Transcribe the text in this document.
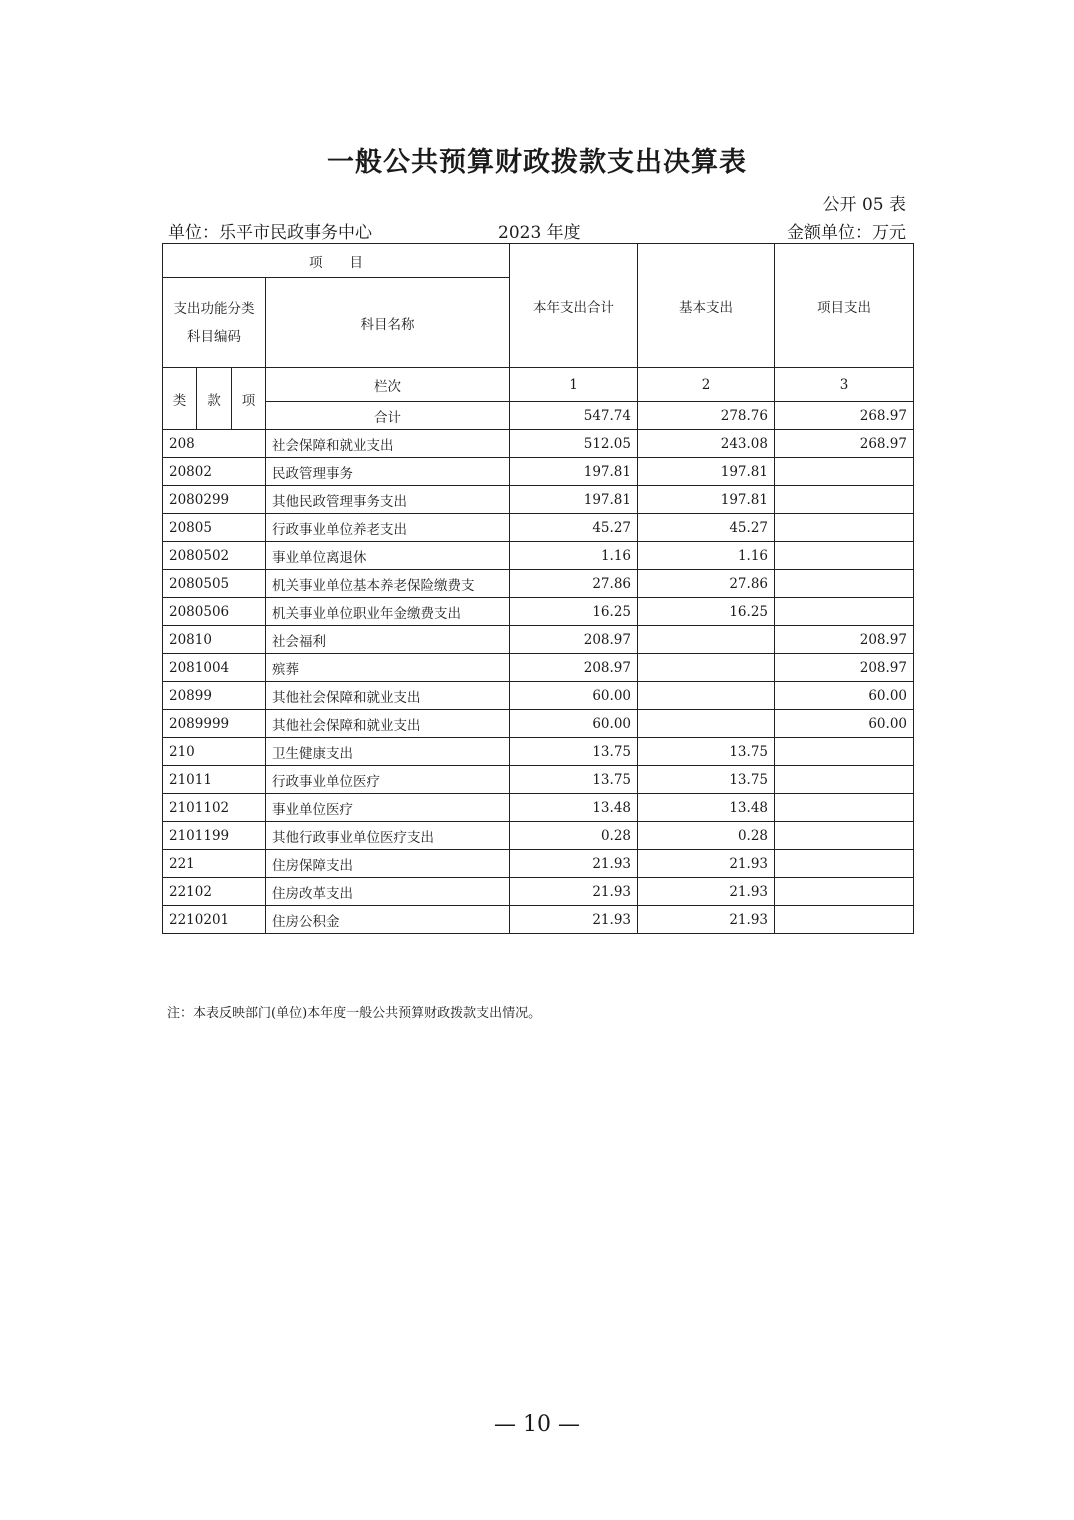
一般公共预算财政拨款支出决算表
公开 05 表
单位：乐平市民政事务中心	2023 年度	金额单位：万元
项　　目				本年支出合计	基本支出	项目支出

支出功能分类
科目编码			科目名称			
类	款	项	栏次	1	2	3
			合计	547.74	278.76	268.97
208			社会保障和就业支出	512.05	243.08	268.97
20802			民政管理事务	197.81	197.81	
2080299			其他民政管理事务支出	197.81	197.81	
20805			行政事业单位养老支出	45.27	45.27	
2080502			事业单位离退休	1.16	1.16	
2080505			机关事业单位基本养老保险缴费支	27.86	27.86	
2080506			机关事业单位职业年金缴费支出	16.25	16.25	
20810			社会福利	208.97		208.97
2081004			殡葬	208.97		208.97
20899			其他社会保障和就业支出	60.00		60.00
2089999			其他社会保障和就业支出	60.00		60.00
210			卫生健康支出	13.75	13.75	
21011			行政事业单位医疗	13.75	13.75	
2101102			事业单位医疗	13.48	13.48	
2101199			其他行政事业单位医疗支出	0.28	0.28	
221			住房保障支出	21.93	21.93	
22102			住房改革支出	21.93	21.93	
2210201			住房公积金	21.93	21.93	
注：本表反映部门(单位)本年度一般公共预算财政拨款支出情况。
— 10 —
